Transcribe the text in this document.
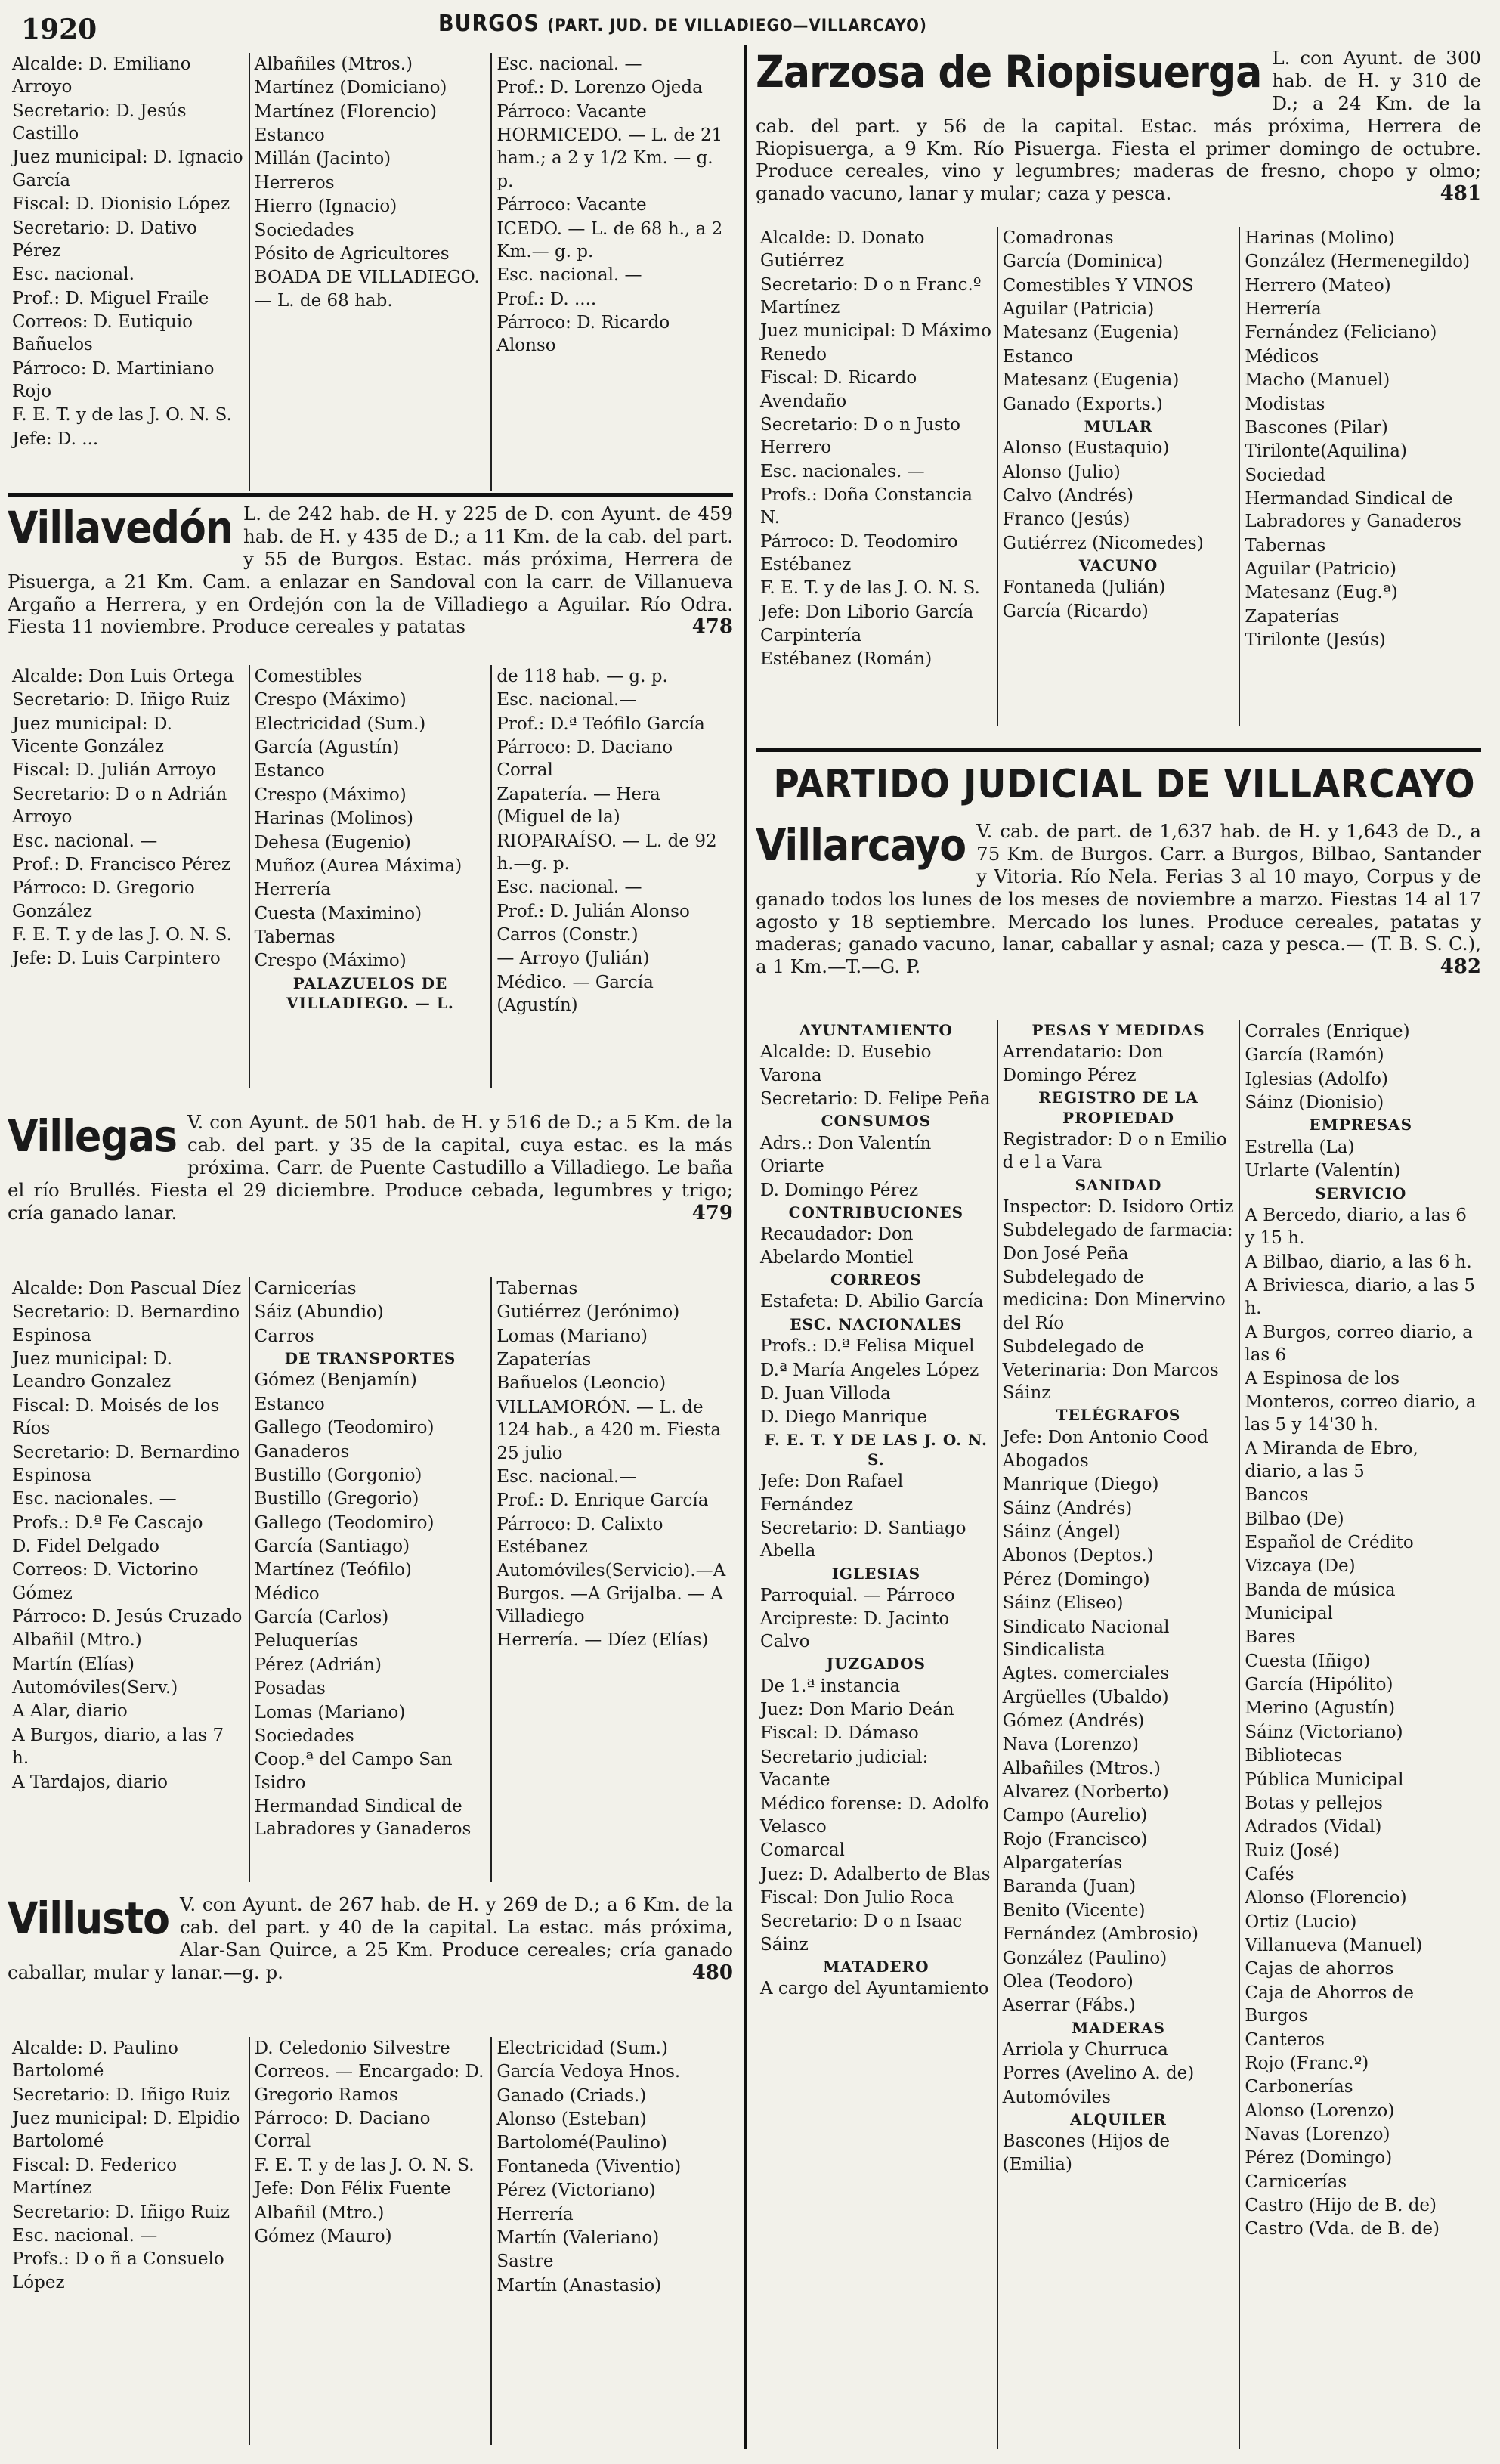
1920	BURGOS (PART. JUD. DE VILLADIEGO—VILLARCAYO)
Alcalde: D. Emiliano Arroyo
Secretario: D. Jesús Castillo
Juez municipal: D. Ignacio García
Fiscal: D. Dionisio López
Secretario: D. Dativo Pérez
Esc. nacional.
Prof.: D. Miguel Fraile
Correos: D. Eutiquio Bañuelos
Párroco: D. Martiniano Rojo
F. E. T. y de las J. O. N. S.
Jefe: D. ...
Albañiles (Mtros.)
Martínez (Domiciano)
Martínez (Florencio)
Estanco
Millán (Jacinto)
Herreros
Hierro (Ignacio)
Sociedades
Pósito de Agricultores
BOADA DE VILLADIEGO. — L. de 68 hab.
Esc. nacional. —
Prof.: D. Lorenzo Ojeda
Párroco: Vacante
HORMICEDO. — L. de 21 ham.; a 2 y 1/2 Km. — g. p.
Párroco: Vacante
ICEDO. — L. de 68 h., a 2 Km.— g. p.
Esc. nacional. —
Prof.: D. ....
Párroco: D. Ricardo Alonso
Villavedón L. de 242 hab. de H. y 225 de D. con Ayunt. de 459 hab. de H. y 435 de D.; a 11 Km. de la cab. del part. y 55 de Burgos. Estac. más próxima, Herrera de Pisuerga, a 21 Km. Cam. a enlazar en Sandoval con la carr. de Villanueva Argaño a Herrera, y en Ordejón con la de Villadiego a Aguilar. Río Odra. Fiesta 11 noviembre. Produce cereales y patatas	478
Alcalde: Don Luis Ortega
Secretario: D. Iñigo Ruiz
Juez municipal: D. Vicente González
Fiscal: D. Julián Arroyo
Secretario: D o n Adrián Arroyo
Esc. nacional. —
Prof.: D. Francisco Pérez
Párroco: D. Gregorio González
F. E. T. y de las J. O. N. S.
Jefe: D. Luis Carpintero
Comestibles
Crespo (Máximo)
Electricidad (Sum.)
García (Agustín)
Estanco
Crespo (Máximo)
Harinas (Molinos)
Dehesa (Eugenio)
Muñoz (Aurea Máxima)
Herrería
Cuesta (Maximino)
Tabernas
Crespo (Máximo)
PALAZUELOS DE VILLADIEGO. — L.
de 118 hab. — g. p.
Esc. nacional.—
Prof.: D.ª Teófilo García
Párroco: D. Daciano Corral
Zapatería. — Hera (Miguel de la)
RIOPARAÍSO. — L. de 92 h.—g. p.
Esc. nacional. —
Prof.: D. Julián Alonso
Carros (Constr.)
— Arroyo (Julián)
Médico. — García (Agustín)
Villegas V. con Ayunt. de 501 hab. de H. y 516 de D.; a 5 Km. de la cab. del part. y 35 de la capital, cuya estac. es la más próxima. Carr. de Puente Castudillo a Villadiego. Le baña el río Brullés. Fiesta el 29 diciembre. Produce cebada, legumbres y trigo; cría ganado lanar.	479
Alcalde: Don Pascual Díez
Secretario: D. Bernardino Espinosa
Juez municipal: D. Leandro Gonzalez
Fiscal: D. Moisés de los Ríos
Secretario: D. Bernardino Espinosa
Esc. nacionales. —
Profs.: D.ª Fe Cascajo
D. Fidel Delgado
Correos: D. Victorino Gómez
Párroco: D. Jesús Cruzado
Albañil (Mtro.)
Martín (Elías)
Automóviles(Serv.)
A Alar, diario
A Burgos, diario, a las 7 h.
A Tardajos, diario
Carnicerías
Sáiz (Abundio)
Carros
DE TRANSPORTES
Gómez (Benjamín)
Estanco
Gallego (Teodomiro)
Ganaderos
Bustillo (Gorgonio)
Bustillo (Gregorio)
Gallego (Teodomiro)
García (Santiago)
Martínez (Teófilo)
Médico
García (Carlos)
Peluquerías
Pérez (Adrián)
Posadas
Lomas (Mariano)
Sociedades
Coop.ª del Campo San Isidro
Hermandad Sindical de Labradores y Ganaderos
Tabernas
Gutiérrez (Jerónimo)
Lomas (Mariano)
Zapaterías
Bañuelos (Leoncio)
VILLAMORÓN. — L. de 124 hab., a 420 m. Fiesta 25 julio
Esc. nacional.—
Prof.: D. Enrique García
Párroco: D. Calixto Estébanez
Automóviles(Servicio).—A Burgos. —A Grijalba. — A Villadiego
Herrería. — Díez (Elías)
Villusto V. con Ayunt. de 267 hab. de H. y 269 de D.; a 6 Km. de la cab. del part. y 40 de la capital. La estac. más próxima, Alar-San Quirce, a 25 Km. Produce cereales; cría ganado caballar, mular y lanar.—g. p.	480
Alcalde: D. Paulino Bartolomé
Secretario: D. Iñigo Ruiz
Juez municipal: D. Elpidio Bartolomé
Fiscal: D. Federico Martínez
Secretario: D. Iñigo Ruiz
Esc. nacional. —
Profs.: D o ñ a Consuelo López
D. Celedonio Silvestre
Correos. — Encargado: D. Gregorio Ramos
Párroco: D. Daciano Corral
F. E. T. y de las J. O. N. S.
Jefe: Don Félix Fuente
Albañil (Mtro.)
Gómez (Mauro)
Electricidad (Sum.)
García Vedoya Hnos.
Ganado (Criads.)
Alonso (Esteban)
Bartolomé(Paulino)
Fontaneda (Viventio)
Pérez (Victoriano)
Herrería
Martín (Valeriano)
Sastre
Martín (Anastasio)
Zarzosa de Riopisuerga L. con Ayunt. de 300 hab. de H. y 310 de D.; a 24 Km. de la cab. del part. y 56 de la capital. Estac. más próxima, Herrera de Riopisuerga, a 9 Km. Río Pisuerga. Fiesta el primer domingo de octubre. Produce cereales, vino y legumbres; maderas de fresno, chopo y olmo; ganado vacuno, lanar y mular; caza y pesca.	481
Alcalde: D. Donato Gutiérrez
Secretario: D o n Franc.º Martínez
Juez municipal: D Máximo Renedo
Fiscal: D. Ricardo Avendaño
Secretario: D o n Justo Herrero
Esc. nacionales. —
Profs.: Doña Constancia N.
Párroco: D. Teodomiro Estébanez
F. E. T. y de las J. O. N. S.
Jefe: Don Liborio García
Carpintería
Estébanez (Román)
Comadronas
García (Dominica)
Comestibles Y VINOS
Aguilar (Patricia)
Matesanz (Eugenia)
Estanco
Matesanz (Eugenia)
Ganado (Exports.)
MULAR
Alonso (Eustaquio)
Alonso (Julio)
Calvo (Andrés)
Franco (Jesús)
Gutiérrez (Nicomedes)
VACUNO
Fontaneda (Julián)
García (Ricardo)
Harinas (Molino)
González (Hermenegildo)
Herrero (Mateo)
Herrería
Fernández (Feliciano)
Médicos
Macho (Manuel)
Modistas
Bascones (Pilar)
Tirilonte(Aquilina)
Sociedad
Hermandad Sindical de Labradores y Ganaderos
Tabernas
Aguilar (Patricio)
Matesanz (Eug.ª)
Zapaterías
Tirilonte (Jesús)
PARTIDO JUDICIAL DE VILLARCAYO
Villarcayo V. cab. de part. de 1,637 hab. de H. y 1,643 de D., a 75 Km. de Burgos. Carr. a Burgos, Bilbao, Santander y Vitoria. Río Nela. Ferias 3 al 10 mayo, Corpus y de ganado todos los lunes de los meses de noviembre a marzo. Fiestas 14 al 17 agosto y 18 septiembre. Mercado los lunes. Produce cereales, patatas y maderas; ganado vacuno, lanar, caballar y asnal; caza y pesca.— (T. B. S. C.), a 1 Km.—T.—G. P.	482
AYUNTAMIENTO
Alcalde: D. Eusebio Varona
Secretario: D. Felipe Peña
CONSUMOS
Adrs.: Don Valentín Oriarte
D. Domingo Pérez
CONTRIBUCIONES
Recaudador: Don Abelardo Montiel
CORREOS
Estafeta: D. Abilio García
ESC. NACIONALES
Profs.: D.ª Felisa Miquel
D.ª María Angeles López
D. Juan Villoda
D. Diego Manrique
F. E. T. Y DE LAS J. O. N. S.
Jefe: Don Rafael Fernández
Secretario: D. Santiago Abella
IGLESIAS
Parroquial. — Párroco Arcipreste: D. Jacinto Calvo
JUZGADOS
De 1.ª instancia
Juez: Don Mario Deán
Fiscal: D. Dámaso
Secretario judicial: Vacante
Médico forense: D. Adolfo Velasco
Comarcal
Juez: D. Adalberto de Blas
Fiscal: Don Julio Roca
Secretario: D o n Isaac Sáinz
MATADERO
A cargo del Ayuntamiento
PESAS Y MEDIDAS
Arrendatario: Don Domingo Pérez
REGISTRO DE LA PROPIEDAD
Registrador: D o n Emilio d e l a Vara
SANIDAD
Inspector: D. Isidoro Ortiz
Subdelegado de farmacia: Don José Peña
Subdelegado de medicina: Don Minervino del Río
Subdelegado de Veterinaria: Don Marcos Sáinz
TELÉGRAFOS
Jefe: Don Antonio Cood
Abogados
Manrique (Diego)
Sáinz (Andrés)
Sáinz (Ángel)
Abonos (Deptos.)
Pérez (Domingo)
Sáinz (Eliseo)
Sindicato Nacional Sindicalista
Agtes. comerciales
Argüelles (Ubaldo)
Gómez (Andrés)
Nava (Lorenzo)
Albañiles (Mtros.)
Alvarez (Norberto)
Campo (Aurelio)
Rojo (Francisco)
Alpargaterías
Baranda (Juan)
Benito (Vicente)
Fernández (Ambrosio)
González (Paulino)
Olea (Teodoro)
Aserrar (Fábs.)
MADERAS
Arriola y Churruca
Porres (Avelino A. de)
Automóviles
ALQUILER
Bascones (Hijos de (Emilia)
Corrales (Enrique)
García (Ramón)
Iglesias (Adolfo)
Sáinz (Dionisio)
EMPRESAS
Estrella (La)
Urlarte (Valentín)
SERVICIO
A Bercedo, diario, a las 6 y 15 h.
A Bilbao, diario, a las 6 h.
A Briviesca, diario, a las 5 h.
A Burgos, correo diario, a las 6
A Espinosa de los Monteros, correo diario, a las 5 y 14'30 h.
A Miranda de Ebro, diario, a las 5
Bancos
Bilbao (De)
Español de Crédito
Vizcaya (De)
Banda de música
Municipal
Bares
Cuesta (Iñigo)
García (Hipólito)
Merino (Agustín)
Sáinz (Victoriano)
Bibliotecas
Pública Municipal
Botas y pellejos
Adrados (Vidal)
Ruiz (José)
Cafés
Alonso (Florencio)
Ortiz (Lucio)
Villanueva (Manuel)
Cajas de ahorros
Caja de Ahorros de Burgos
Canteros
Rojo (Franc.º)
Carbonerías
Alonso (Lorenzo)
Navas (Lorenzo)
Pérez (Domingo)
Carnicerías
Castro (Hijo de B. de)
Castro (Vda. de B. de)
